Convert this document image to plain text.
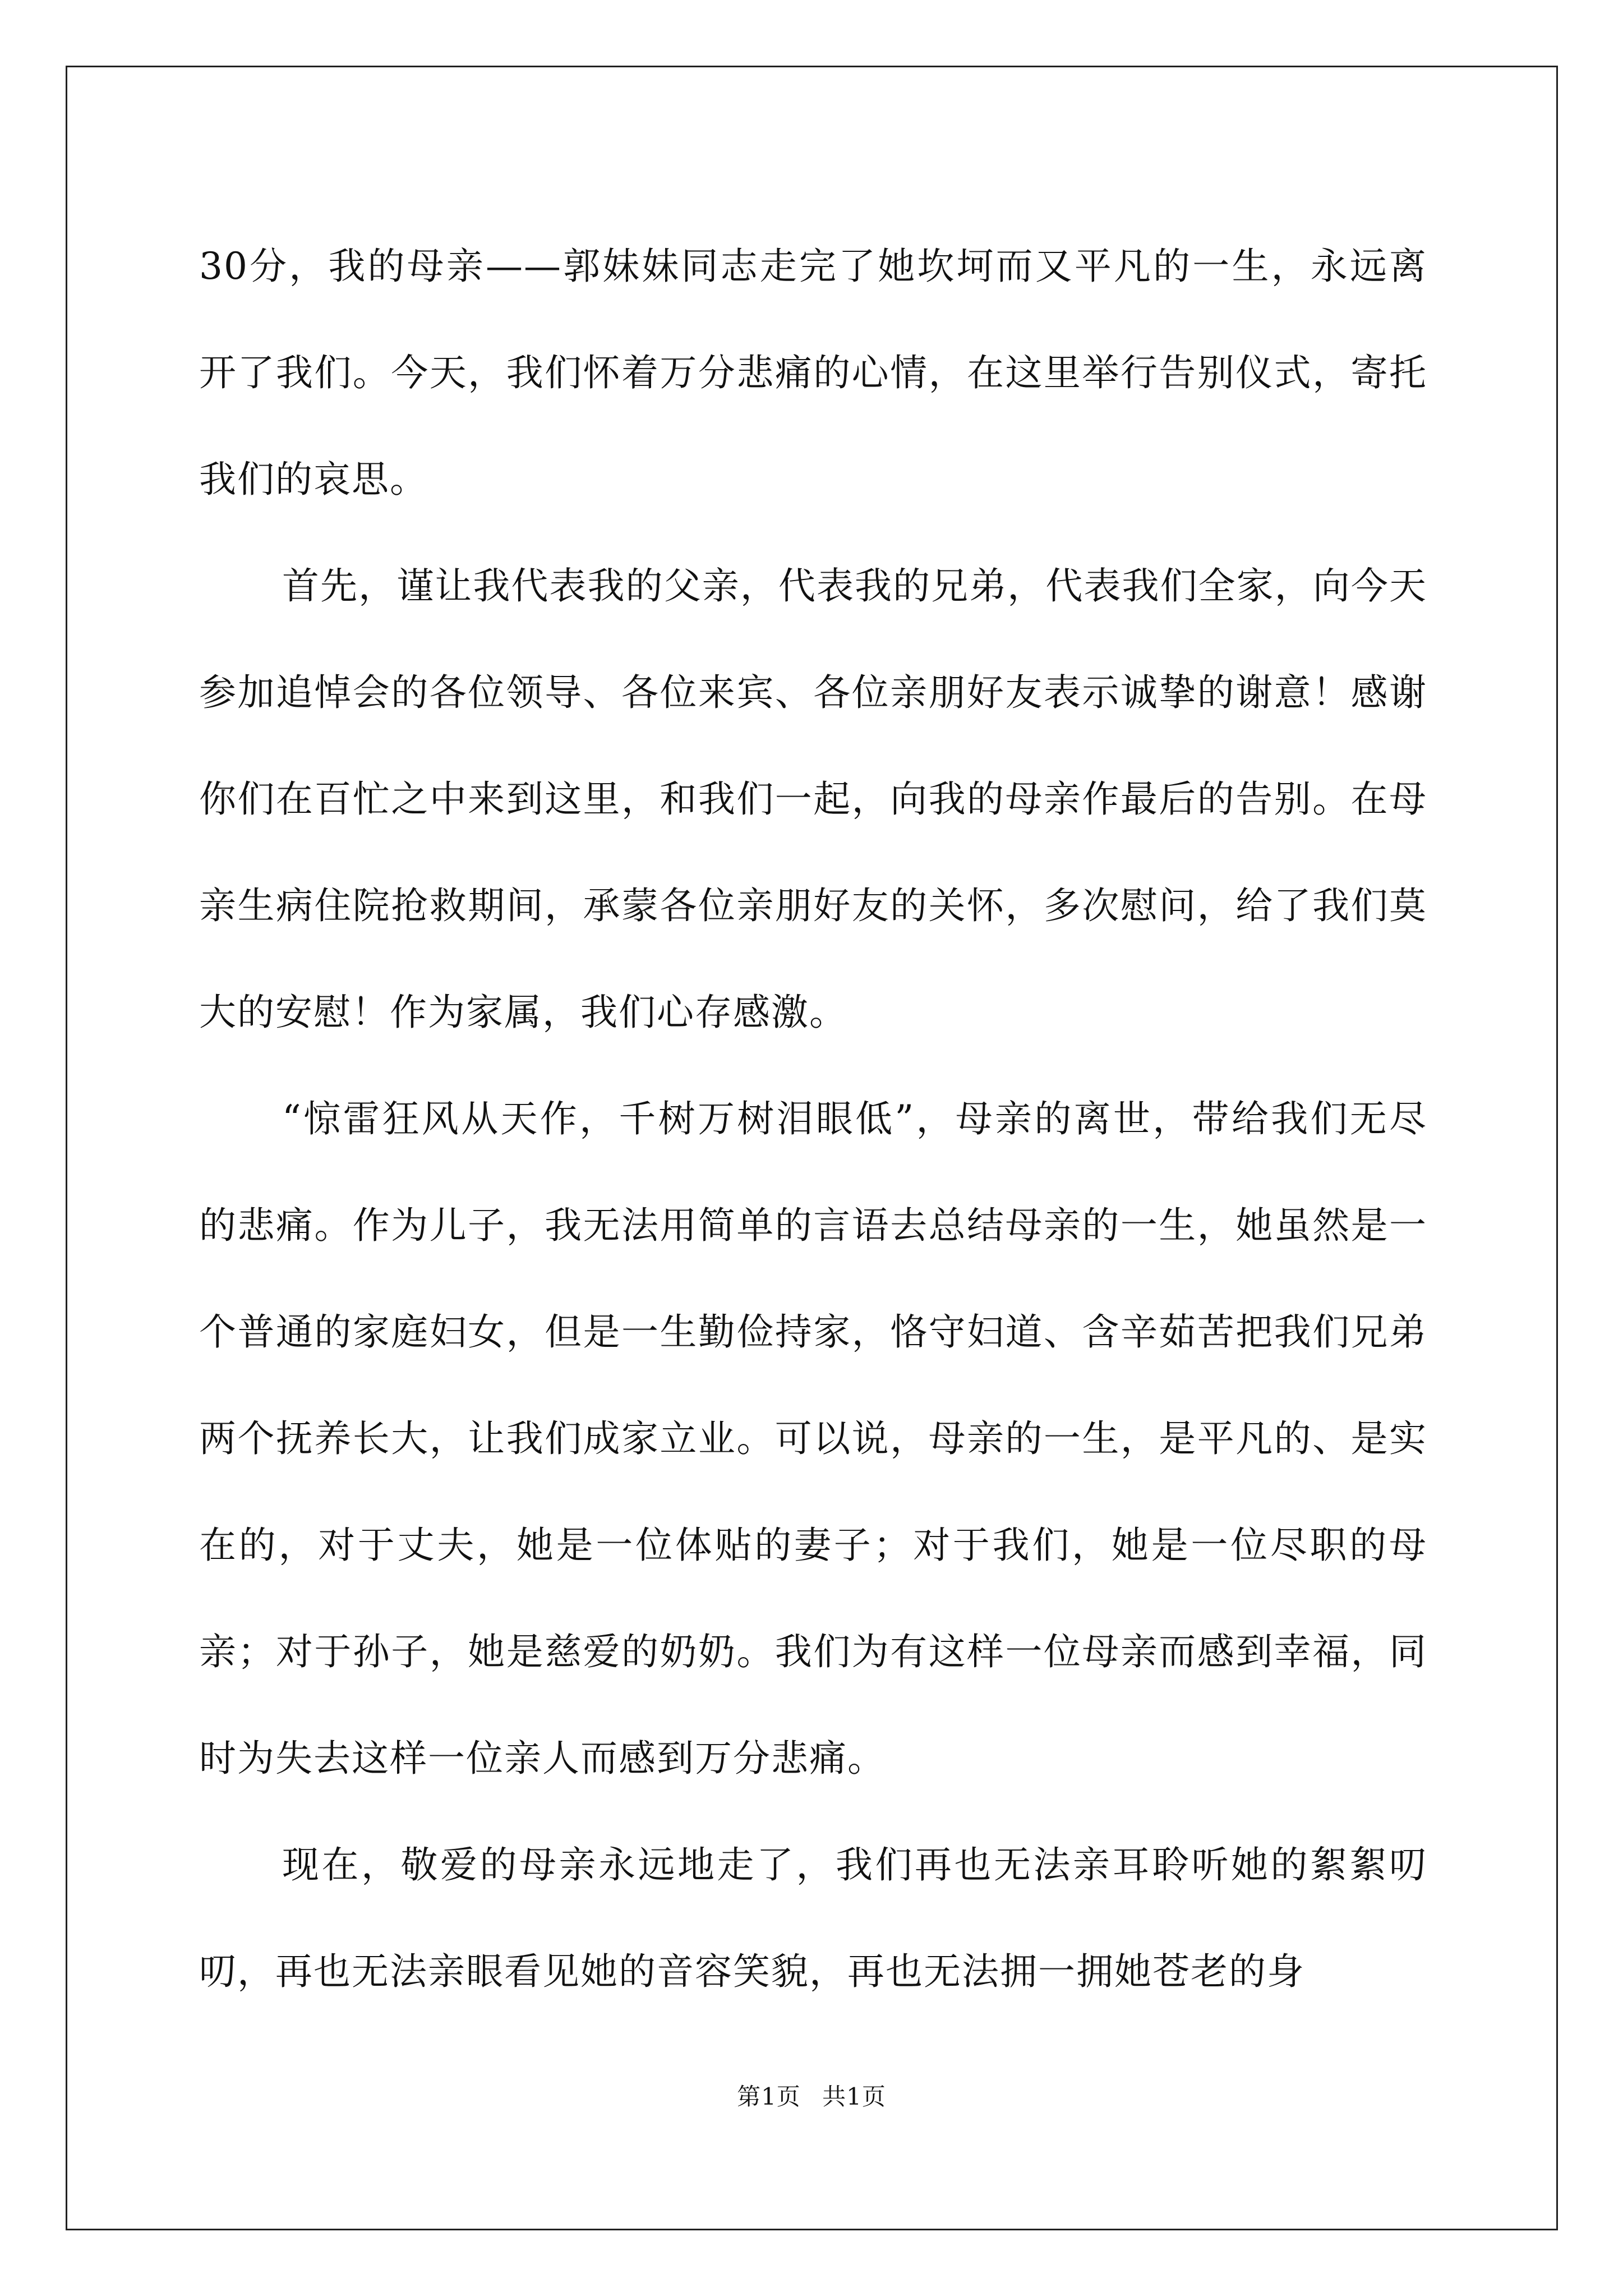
30分，我的母亲——郭妹妹同志走完了她坎坷而又平凡的一生，永远离开了我们。今天，我们怀着万分悲痛的心情，在这里举行告别仪式，寄托我们的哀思。

首先，谨让我代表我的父亲，代表我的兄弟，代表我们全家，向今天参加追悼会的各位领导、各位来宾、各位亲朋好友表示诚挚的谢意！感谢你们在百忙之中来到这里，和我们一起，向我的母亲作最后的告别。在母亲生病住院抢救期间，承蒙各位亲朋好友的关怀，多次慰问，给了我们莫大的安慰！作为家属，我们心存感激。

“惊雷狂风从天作，千树万树泪眼低”，母亲的离世，带给我们无尽的悲痛。作为儿子，我无法用简单的言语去总结母亲的一生，她虽然是一个普通的家庭妇女，但是一生勤俭持家，恪守妇道、含辛茹苦把我们兄弟两个抚养长大，让我们成家立业。可以说，母亲的一生，是平凡的、是实在的，对于丈夫，她是一位体贴的妻子；对于我们，她是一位尽职的母亲；对于孙子，她是慈爱的奶奶。我们为有这样一位母亲而感到幸福，同时为失去这样一位亲人而感到万分悲痛。

现在，敬爱的母亲永远地走了，我们再也无法亲耳聆听她的絮絮叨叨，再也无法亲眼看见她的音容笑貌，再也无法拥一拥她苍老的身

第1页 共1页
